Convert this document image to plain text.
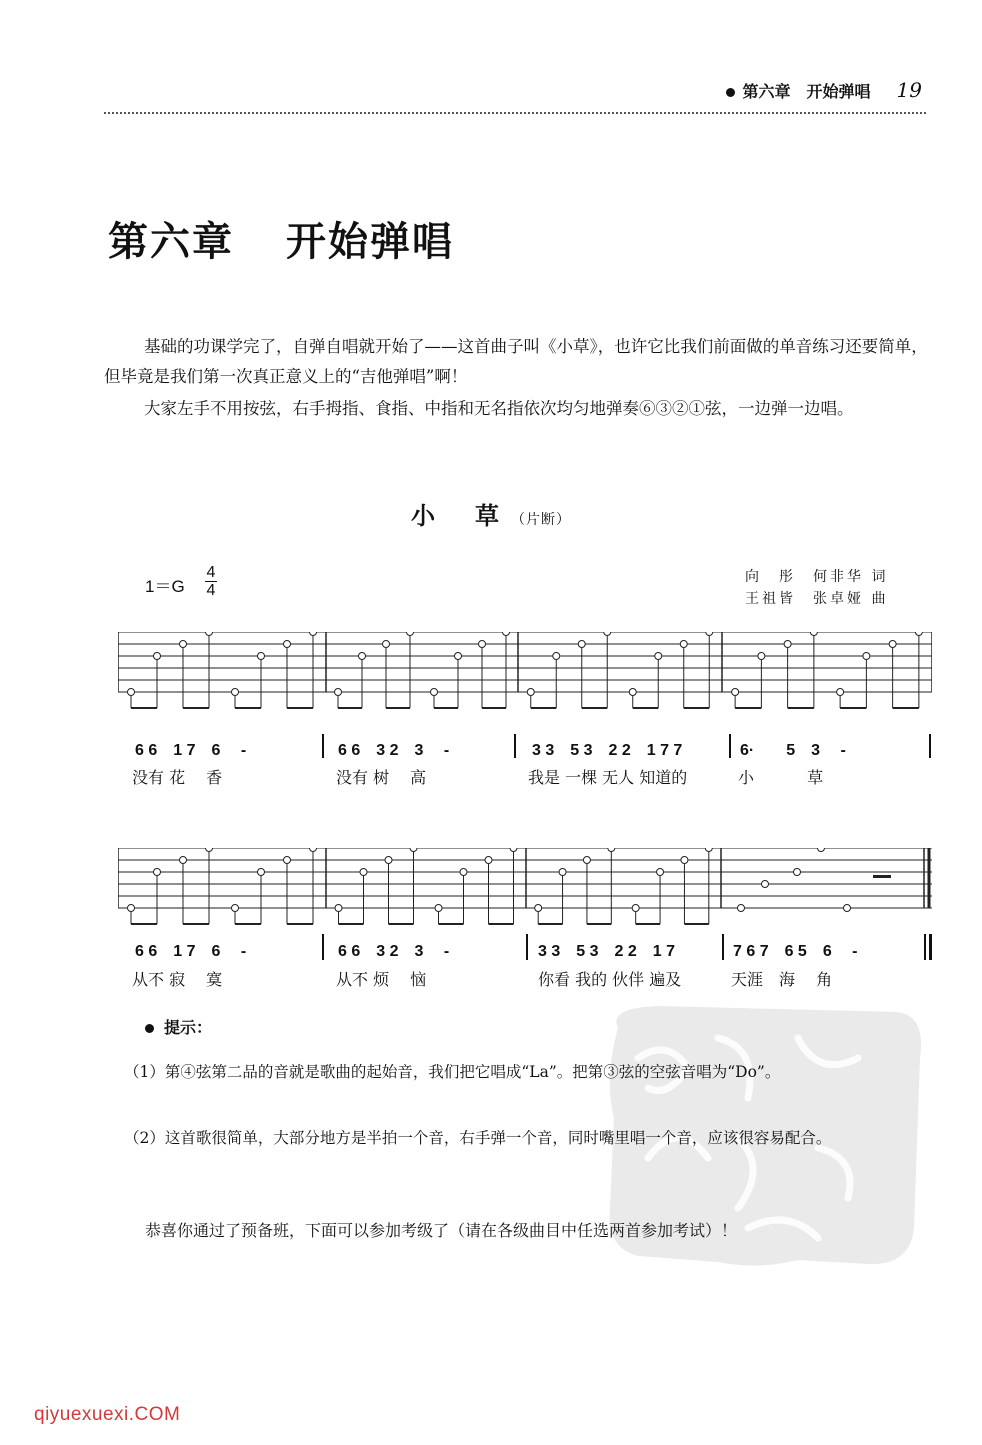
第六章　开始弹唱 19
第六章 开始弹唱
基础的功课学完了，自弹自唱就开始了——这首曲子叫《小草》，也许它比我们前面做的单音练习还要简单，但毕竟是我们第一次真正意义上的“吉他弹唱”啊！
大家左手不用按弦，右手拇指、食指、中指和无名指依次均匀地弹奏⑥③②①弦，一边弹一边唱。
小　草 （片断）
1＝G
4
4
向　彤　何非华 词
王祖皆　张卓娅 曲
6 6　1 7　6　 -	6 6　3 2　3　 -	3 3　5 3　2 2　1 7 7	6·　　5　3　 -
没有 花　 香	没有 树　 高	我是 一棵 无人 知道的	小　　　 草
6 6　1 7　6　 -	6 6　3 2　3　 -	3 3　5 3　2 2　1 7	7 6 7　6 5　6　 -
从不 寂　 寞	从不 烦　 恼	你看 我的 伙伴 遍及	天涯　海　 角
提示：
（1）第④弦第二品的音就是歌曲的起始音，我们把它唱成“La”。把第③弦的空弦音唱为“Do”。
（2）这首歌很简单，大部分地方是半拍一个音，右手弹一个音，同时嘴里唱一个音，应该很容易配合。
恭喜你通过了预备班，下面可以参加考级了（请在各级曲目中任选两首参加考试）！
qiyuexuexi.COM
